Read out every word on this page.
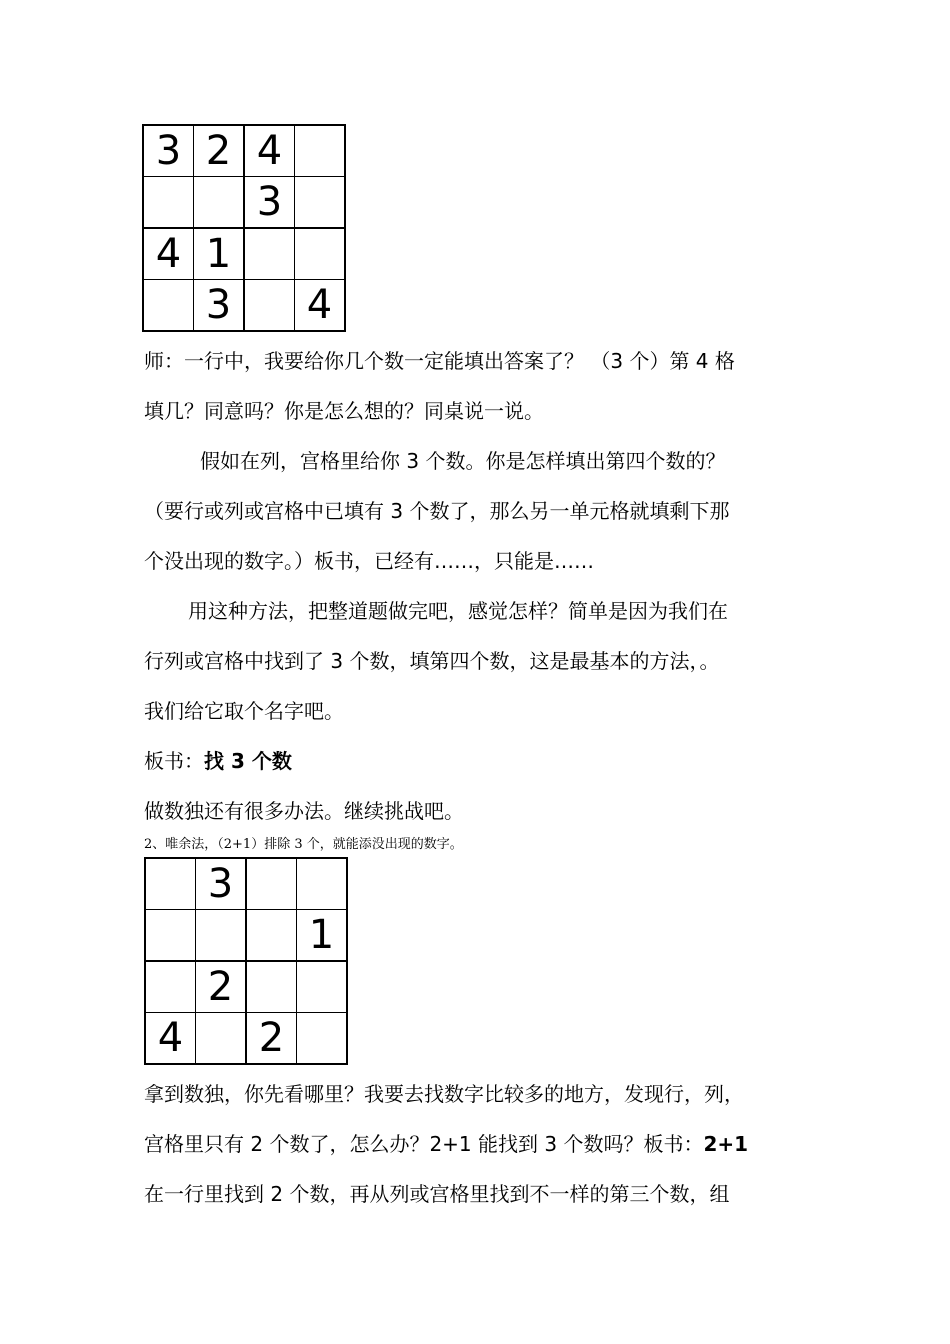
3	2	4	
		3	
4	1		
	3		4
师：一行中，我要给你几个数一定能填出答案了？ （3 个）第 4 格
填几？同意吗？你是怎么想的？同桌说一说。
假如在列，宫格里给你 3 个数。你是怎样填出第四个数的？
（要行或列或宫格中已填有 3 个数了，那么另一单元格就填剩下那
个没出现的数字。）板书，已经有……，只能是……
用这种方法，把整道题做完吧，感觉怎样？简单是因为我们在
行列或宫格中找到了 3 个数，填第四个数，这是最基本的方法，。
我们给它取个名字吧。
板书：找 3 个数
做数独还有很多办法。继续挑战吧。
2、唯余法，（2+1）排除 3 个，就能添没出现的数字。
	3		
			1
	2		
4		2	
拿到数独，你先看哪里？我要去找数字比较多的地方，发现行，列，
宫格里只有 2 个数了，怎么办？2+1 能找到 3 个数吗？板书：2+1
在一行里找到 2 个数，再从列或宫格里找到不一样的第三个数，组
